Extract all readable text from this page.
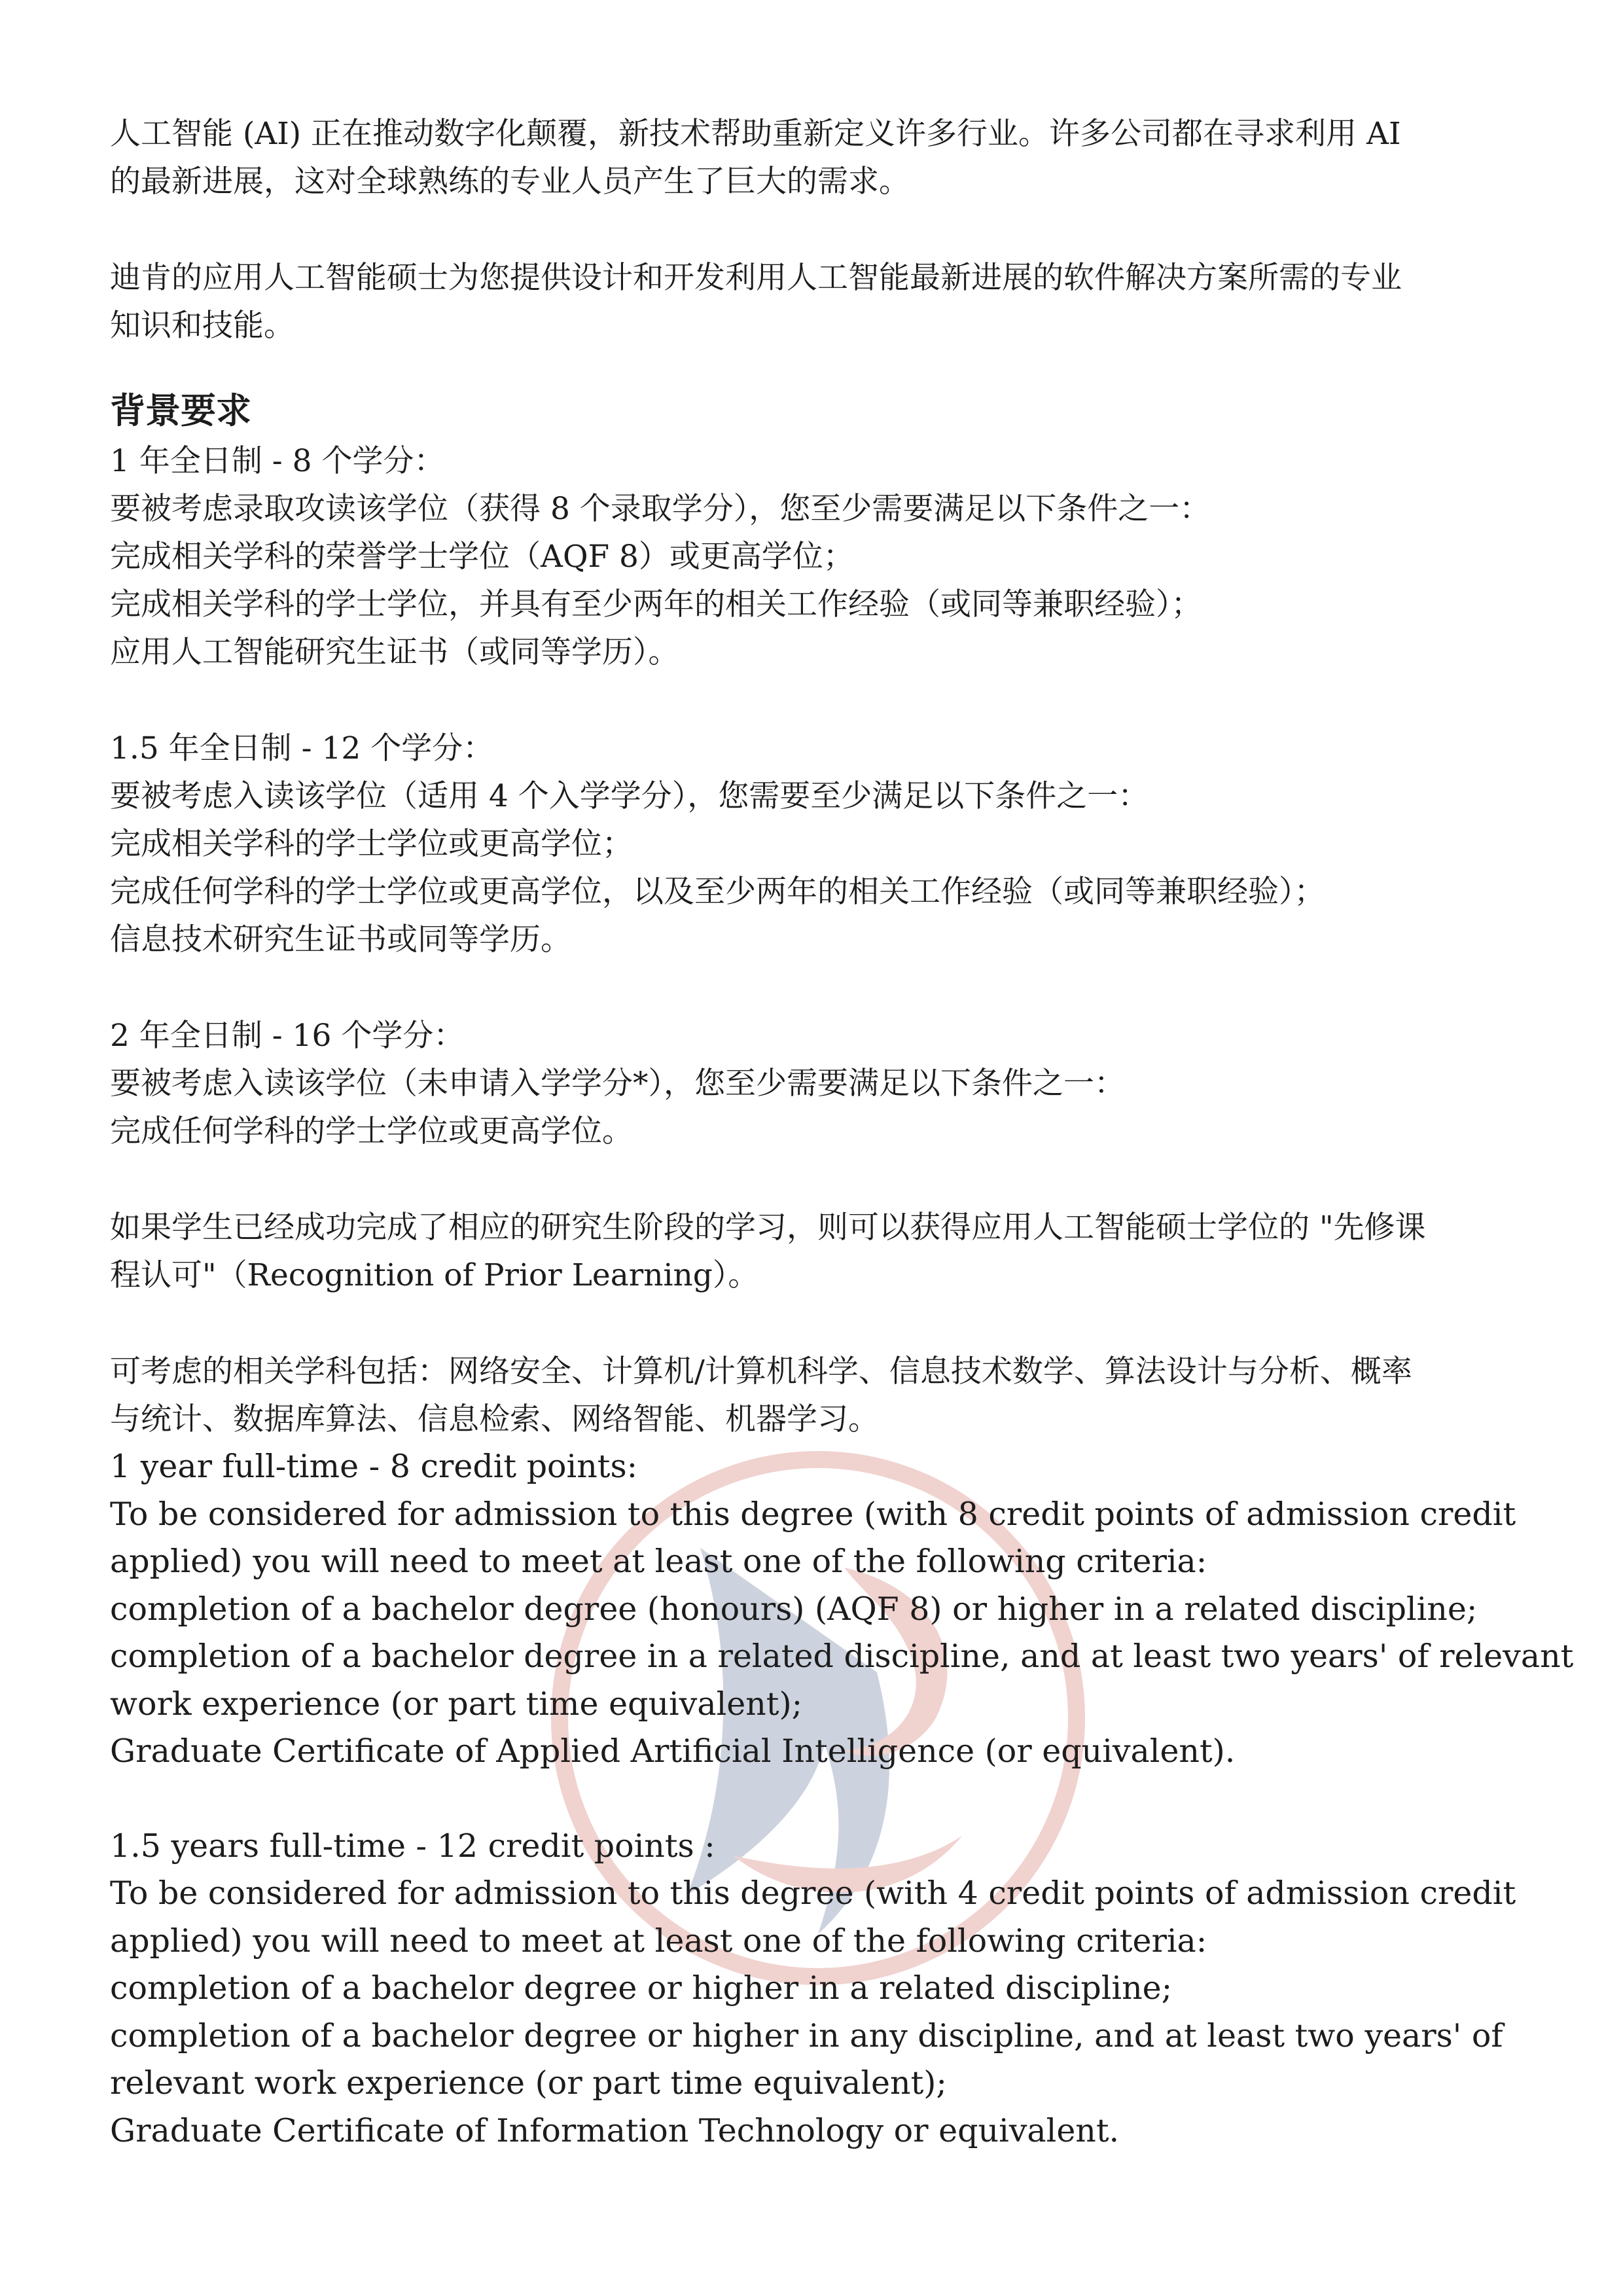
人工智能 (AI) 正在推动数字化颠覆，新技术帮助重新定义许多行业。许多公司都在寻求利用 AI
的最新进展，这对全球熟练的专业人员产生了巨大的需求。

迪肯的应用人工智能硕士为您提供设计和开发利用人工智能最新进展的软件解决方案所需的专业
知识和技能。

背景要求

1 年全日制 - 8 个学分：
要被考虑录取攻读该学位（获得 8 个录取学分），您至少需要满足以下条件之一：
完成相关学科的荣誉学士学位（AQF 8）或更高学位；
完成相关学科的学士学位，并具有至少两年的相关工作经验（或同等兼职经验）；
应用人工智能研究生证书（或同等学历）。

1.5 年全日制 - 12 个学分：
要被考虑入读该学位（适用 4 个入学学分），您需要至少满足以下条件之一：
完成相关学科的学士学位或更高学位；
完成任何学科的学士学位或更高学位，以及至少两年的相关工作经验（或同等兼职经验）；
信息技术研究生证书或同等学历。

2 年全日制 - 16 个学分：
要被考虑入读该学位（未申请入学学分*），您至少需要满足以下条件之一：
完成任何学科的学士学位或更高学位。

如果学生已经成功完成了相应的研究生阶段的学习，则可以获得应用人工智能硕士学位的 "先修课
程认可"（Recognition of Prior Learning）。

可考虑的相关学科包括：网络安全、计算机/计算机科学、信息技术数学、算法设计与分析、概率
与统计、数据库算法、信息检索、网络智能、机器学习。

1 year full-time - 8 credit points:
To be considered for admission to this degree (with 8 credit points of admission credit
applied) you will need to meet at least one of the following criteria:
completion of a bachelor degree (honours) (AQF 8) or higher in a related discipline;
completion of a bachelor degree in a related discipline, and at least two years' of relevant
work experience (or part time equivalent);
Graduate Certificate of Applied Artificial Intelligence (or equivalent).

1.5 years full-time - 12 credit points :
To be considered for admission to this degree (with 4 credit points of admission credit
applied) you will need to meet at least one of the following criteria:
completion of a bachelor degree or higher in a related discipline;
completion of a bachelor degree or higher in any discipline, and at least two years' of
relevant work experience (or part time equivalent);
Graduate Certificate of Information Technology or equivalent.
